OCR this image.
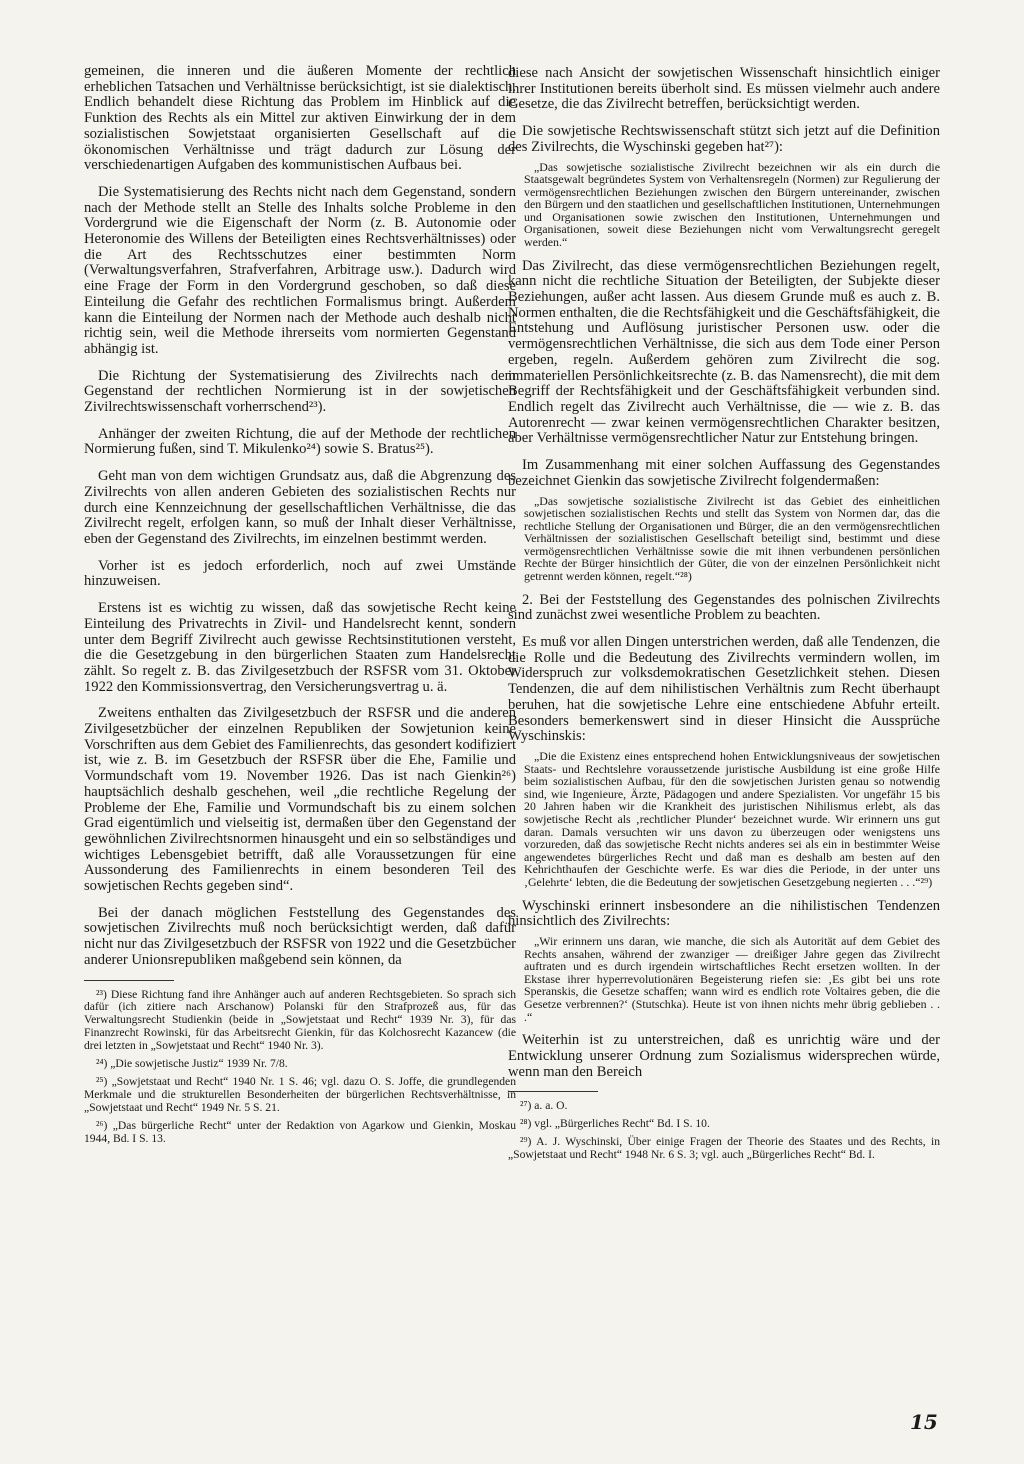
gemeinen, die inneren und die äußeren Momente der rechtlich erheblichen Tatsachen und Verhältnisse berücksichtigt, ist sie dialektisch. Endlich behandelt diese Richtung das Problem im Hinblick auf die Funktion des Rechts als ein Mittel zur aktiven Einwirkung der in dem sozialistischen Sowjetstaat organisierten Gesellschaft auf die ökonomischen Verhältnisse und trägt dadurch zur Lösung der verschiedenartigen Aufgaben des kommunistischen Aufbaus bei.

Die Systematisierung des Rechts nicht nach dem Gegenstand, sondern nach der Methode stellt an Stelle des Inhalts solche Probleme in den Vordergrund wie die Eigenschaft der Norm (z. B. Autonomie oder Heteronomie des Willens der Beteiligten eines Rechtsverhältnisses) oder die Art des Rechtsschutzes einer bestimmten Norm (Verwaltungsverfahren, Strafverfahren, Arbitrage usw.). Dadurch wird eine Frage der Form in den Vordergrund geschoben, so daß diese Einteilung die Gefahr des rechtlichen Formalismus bringt. Außerdem kann die Einteilung der Normen nach der Methode auch deshalb nicht richtig sein, weil die Methode ihrerseits vom normierten Gegenstand abhängig ist.

Die Richtung der Systematisierung des Zivilrechts nach dem Gegenstand der rechtlichen Normierung ist in der sowjetischen Zivilrechtswissenschaft vorherrschend²³).

Anhänger der zweiten Richtung, die auf der Methode der rechtlichen Normierung fußen, sind T. Mikulenko²⁴) sowie S. Bratus²⁵).

Geht man von dem wichtigen Grundsatz aus, daß die Abgrenzung des Zivilrechts von allen anderen Gebieten des sozialistischen Rechts nur durch eine Kennzeichnung der gesellschaftlichen Verhältnisse, die das Zivilrecht regelt, erfolgen kann, so muß der Inhalt dieser Verhältnisse, eben der Gegenstand des Zivilrechts, im einzelnen bestimmt werden.

Vorher ist es jedoch erforderlich, noch auf zwei Umstände hinzuweisen.

Erstens ist es wichtig zu wissen, daß das sowjetische Recht keine Einteilung des Privatrechts in Zivil- und Handelsrecht kennt, sondern unter dem Begriff Zivilrecht auch gewisse Rechtsinstitutionen versteht, die die Gesetzgebung in den bürgerlichen Staaten zum Handelsrecht zählt. So regelt z. B. das Zivilgesetzbuch der RSFSR vom 31. Oktober 1922 den Kommissionsvertrag, den Versicherungsvertrag u. ä.

Zweitens enthalten das Zivilgesetzbuch der RSFSR und die anderen Zivilgesetzbücher der einzelnen Republiken der Sowjetunion keine Vorschriften aus dem Gebiet des Familienrechts, das gesondert kodifiziert ist, wie z. B. im Gesetzbuch der RSFSR über die Ehe, Familie und Vormundschaft vom 19. November 1926. Das ist nach Gienkin²⁶) hauptsächlich deshalb geschehen, weil „die rechtliche Regelung der Probleme der Ehe, Familie und Vormundschaft bis zu einem solchen Grad eigentümlich und vielseitig ist, dermaßen über den Gegenstand der gewöhnlichen Zivilrechtsnormen hinausgeht und ein so selbständiges und wichtiges Lebensgebiet betrifft, daß alle Voraussetzungen für eine Aussonderung des Familienrechts in einem besonderen Teil des sowjetischen Rechts gegeben sind“.

Bei der danach möglichen Feststellung des Gegenstandes des sowjetischen Zivilrechts muß noch berücksichtigt werden, daß dafür nicht nur das Zivilgesetzbuch der RSFSR von 1922 und die Gesetzbücher anderer Unionsrepubliken maßgebend sein können, da

²³) Diese Richtung fand ihre Anhänger auch auf anderen Rechtsgebieten. So sprach sich dafür (ich zitiere nach Arschanow) Polanski für den Strafprozeß aus, für das Verwaltungsrecht Studienkin (beide in „Sowjetstaat und Recht“ 1939 Nr. 3), für das Finanzrecht Rowinski, für das Arbeitsrecht Gienkin, für das Kolchosrecht Kazancew (die drei letzten in „Sowjetstaat und Recht“ 1940 Nr. 3).

²⁴) „Die sowjetische Justiz“ 1939 Nr. 7/8.

²⁵) „Sowjetstaat und Recht“ 1940 Nr. 1 S. 46; vgl. dazu O. S. Joffe, die grundlegenden Merkmale und die strukturellen Besonderheiten der bürgerlichen Rechtsverhältnisse, in „Sowjetstaat und Recht“ 1949 Nr. 5 S. 21.

²⁶) „Das bürgerliche Recht“ unter der Redaktion von Agarkow und Gienkin, Moskau 1944, Bd. I S. 13.

diese nach Ansicht der sowjetischen Wissenschaft hinsichtlich einiger ihrer Institutionen bereits überholt sind. Es müssen vielmehr auch andere Gesetze, die das Zivilrecht betreffen, berücksichtigt werden.

Die sowjetische Rechtswissenschaft stützt sich jetzt auf die Definition des Zivilrechts, die Wyschinski gegeben hat²⁷):

„Das sowjetische sozialistische Zivilrecht bezeichnen wir als ein durch die Staatsgewalt begründetes System von Verhaltensregeln (Normen) zur Regulierung der vermögensrechtlichen Beziehungen zwischen den Bürgern untereinander, zwischen den Bürgern und den staatlichen und gesellschaftlichen Institutionen, Unternehmungen und Organisationen sowie zwischen den Institutionen, Unternehmungen und Organisationen, soweit diese Beziehungen nicht vom Verwaltungsrecht geregelt werden.“

Das Zivilrecht, das diese vermögensrechtlichen Beziehungen regelt, kann nicht die rechtliche Situation der Beteiligten, der Subjekte dieser Beziehungen, außer acht lassen. Aus diesem Grunde muß es auch z. B. Normen enthalten, die die Rechtsfähigkeit und die Geschäftsfähigkeit, die Entstehung und Auflösung juristischer Personen usw. oder die vermögensrechtlichen Verhältnisse, die sich aus dem Tode einer Person ergeben, regeln. Außerdem gehören zum Zivilrecht die sog. immateriellen Persönlichkeitsrechte (z. B. das Namensrecht), die mit dem Begriff der Rechtsfähigkeit und der Geschäftsfähigkeit verbunden sind. Endlich regelt das Zivilrecht auch Verhältnisse, die — wie z. B. das Autorenrecht — zwar keinen vermögensrechtlichen Charakter besitzen, aber Verhältnisse vermögensrechtlicher Natur zur Entstehung bringen.

Im Zusammenhang mit einer solchen Auffassung des Gegenstandes bezeichnet Gienkin das sowjetische Zivilrecht folgendermaßen:

„Das sowjetische sozialistische Zivilrecht ist das Gebiet des einheitlichen sowjetischen sozialistischen Rechts und stellt das System von Normen dar, das die rechtliche Stellung der Organisationen und Bürger, die an den vermögensrechtlichen Verhältnissen der sozialistischen Gesellschaft beteiligt sind, bestimmt und diese vermögensrechtlichen Verhältnisse sowie die mit ihnen verbundenen persönlichen Rechte der Bürger hinsichtlich der Güter, die von der einzelnen Persönlichkeit nicht getrennt werden können, regelt.“²⁸)

2. Bei der Feststellung des Gegenstandes des polnischen Zivilrechts sind zunächst zwei wesentliche Problem zu beachten.

Es muß vor allen Dingen unterstrichen werden, daß alle Tendenzen, die die Rolle und die Bedeutung des Zivilrechts vermindern wollen, im Widerspruch zur volksdemokratischen Gesetzlichkeit stehen. Diesen Tendenzen, die auf dem nihilistischen Verhältnis zum Recht überhaupt beruhen, hat die sowjetische Lehre eine entschiedene Abfuhr erteilt. Besonders bemerkenswert sind in dieser Hinsicht die Aussprüche Wyschinskis:

„Die die Existenz eines entsprechend hohen Entwicklungsniveaus der sowjetischen Staats- und Rechtslehre voraussetzende juristische Ausbildung ist eine große Hilfe beim sozialistischen Aufbau, für den die sowjetischen Juristen genau so notwendig sind, wie Ingenieure, Ärzte, Pädagogen und andere Spezialisten. Vor ungefähr 15 bis 20 Jahren haben wir die Krankheit des juristischen Nihilismus erlebt, als das sowjetische Recht als ‚rechtlicher Plunder‘ bezeichnet wurde. Wir erinnern uns gut daran. Damals versuchten wir uns davon zu überzeugen oder wenigstens uns vorzureden, daß das sowjetische Recht nichts anderes sei als ein in bestimmter Weise angewendetes bürgerliches Recht und daß man es deshalb am besten auf den Kehrichthaufen der Geschichte werfe. Es war dies die Periode, in der unter uns ‚Gelehrte‘ lebten, die die Bedeutung der sowjetischen Gesetzgebung negierten . . .“²⁹)

Wyschinski erinnert insbesondere an die nihilistischen Tendenzen hinsichtlich des Zivilrechts:

„Wir erinnern uns daran, wie manche, die sich als Autorität auf dem Gebiet des Rechts ansahen, während der zwanziger — dreißiger Jahre gegen das Zivilrecht auftraten und es durch irgendein wirtschaftliches Recht ersetzen wollten. In der Ekstase ihrer hyperrevolutionären Begeisterung riefen sie: ‚Es gibt bei uns rote Speranskis, die Gesetze schaffen; wann wird es endlich rote Voltaires geben, die die Gesetze verbrennen?‘ (Stutschka). Heute ist von ihnen nichts mehr übrig geblieben . . .“

Weiterhin ist zu unterstreichen, daß es unrichtig wäre und der Entwicklung unserer Ordnung zum Sozialismus widersprechen würde, wenn man den Bereich

²⁷) a. a. O.

²⁸) vgl. „Bürgerliches Recht“ Bd. I S. 10.

²⁹) A. J. Wyschinski, Über einige Fragen der Theorie des Staates und des Rechts, in „Sowjetstaat und Recht“ 1948 Nr. 6 S. 3; vgl. auch „Bürgerliches Recht“ Bd. I.

15
